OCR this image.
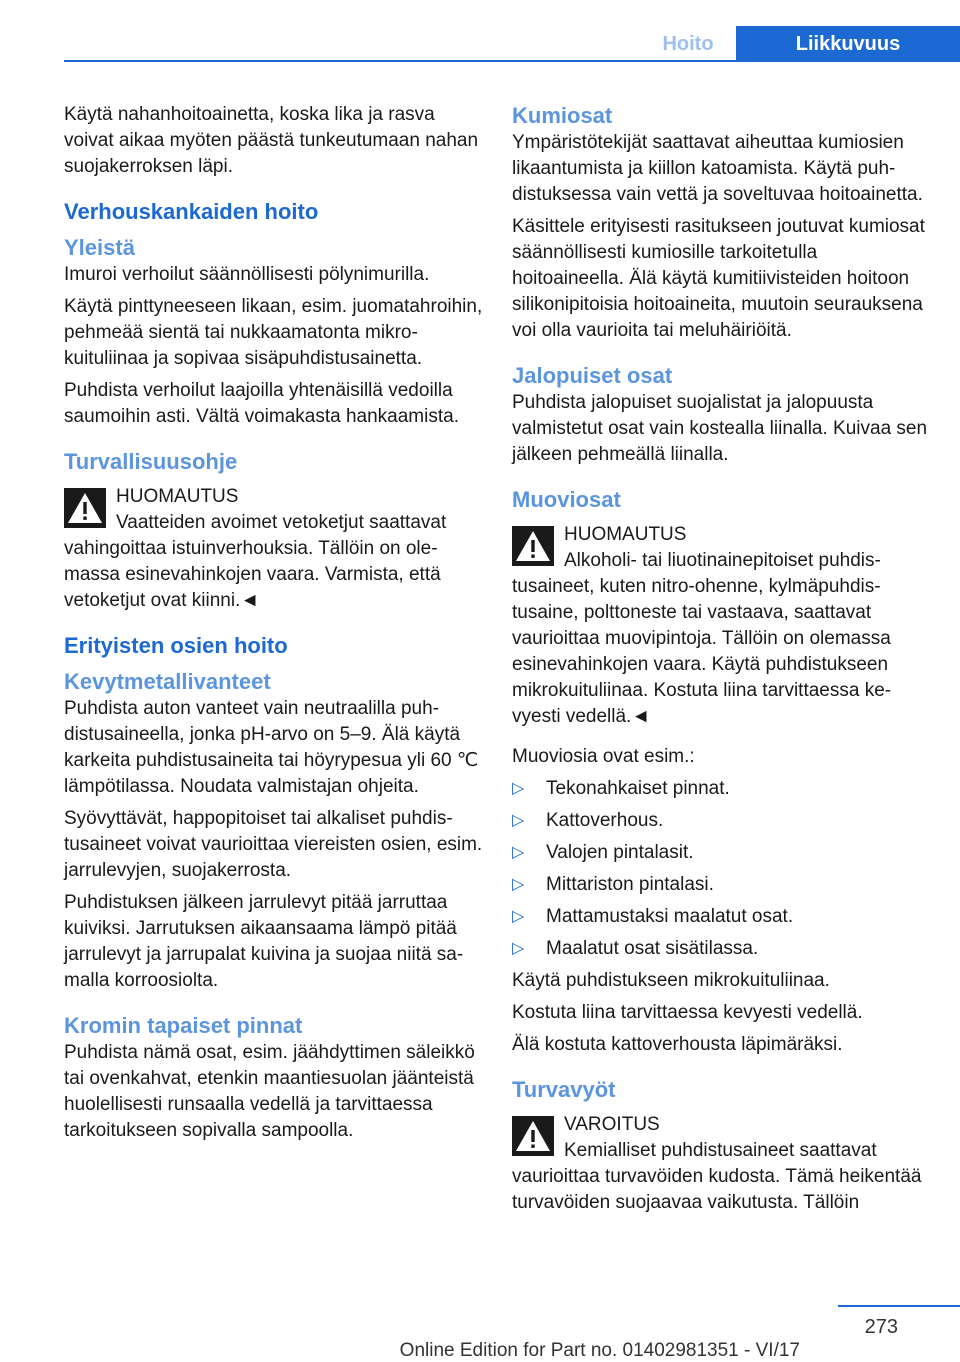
Hoito	Liikkuvuus

Käytä nahanhoitoainetta, koska lika ja rasva voivat aikaa myöten päästä tunkeutumaan nahan suojakerroksen läpi.

Verhouskankaiden hoito
Yleistä

Imuroi verhoilut säännöllisesti pölynimurilla.

Käytä pinttyneeseen likaan, esim. juomatahroihin, pehmeää sientä tai nukkaamatonta mikrokuituliinaa ja sopivaa sisäpuhdistusainetta.

Puhdista verhoilut laajoilla yhtenäisillä vedoilla saumoihin asti. Vältä voimakasta hankaamista.

Turvallisuusohje
HUOMAUTUS

Vaatteiden avoimet vetoketjut saattavat vahingoittaa istuinverhouksia. Tällöin on olemassa esinevahinkojen vaara. Varmista, että vetoketjut ovat kiinni.◄

Erityisten osien hoito
Kevytmetallivanteet

Puhdista auton vanteet vain neutraalilla puhdistusaineella, jonka pH-arvo on 5–9. Älä käytä karkeita puhdistusaineita tai höyrypesua yli 60 ℃ lämpötilassa. Noudata valmistajan ohjeita.

Syövyttävät, happopitoiset tai alkaliset puhdistusaineet voivat vaurioittaa viereisten osien, esim. jarrulevyjen, suojakerrosta.

Puhdistuksen jälkeen jarrulevyt pitää jarruttaa kuiviksi. Jarrutuksen aikaansaama lämpö pitää jarrulevyt ja jarrupalat kuivina ja suojaa niitä samalla korroosiolta.

Kromin tapaiset pinnat

Puhdista nämä osat, esim. jäähdyttimen säleikkö tai ovenkahvat, etenkin maantiesuolan jäänteistä huolellisesti runsaalla vedellä ja tarvittaessa tarkoitukseen sopivalla sampoolla.

Kumiosat

Ympäristötekijät saattavat aiheuttaa kumiosien likaantumista ja kiillon katoamista. Käytä puhdistuksessa vain vettä ja soveltuvaa hoitoainetta.

Käsittele erityisesti rasitukseen joutuvat kumiosat säännöllisesti kumiosille tarkoitetulla hoitoaineella. Älä käytä kumitiivisteiden hoitoon silikonipitoisia hoitoaineita, muutoin seurauksena voi olla vaurioita tai meluhäiriöitä.

Jalopuiset osat

Puhdista jalopuiset suojalistat ja jalopuusta valmistetut osat vain kostealla liinalla. Kuivaa sen jälkeen pehmeällä liinalla.

Muoviosat
HUOMAUTUS

Alkoholi- tai liuotinainepitoiset puhdistusaineet, kuten nitro-ohenne, kylmäpuhdistusaine, polttoneste tai vastaava, saattavat vaurioittaa muovipintoja. Tällöin on olemassa esinevahinkojen vaara. Käytä puhdistukseen mikrokuituliinaa. Kostuta liina tarvittaessa kevyesti vedellä.◄

Muoviosia ovat esim.:

▷ Tekonahkaiset pinnat.
▷ Kattoverhous.
▷ Valojen pintalasit.
▷ Mittariston pintalasi.
▷ Mattamustaksi maalatut osat.
▷ Maalatut osat sisätilassa.

Käytä puhdistukseen mikrokuituliinaa.

Kostuta liina tarvittaessa kevyesti vedellä.

Älä kostuta kattoverhousta läpimäräksi.

Turvavyöt
VAROITUS

Kemialliset puhdistusaineet saattavat vaurioittaa turvavöiden kudosta. Tämä heikentää turvavöiden suojaavaa vaikutusta. Tällöin

273
Online Edition for Part no. 01402981351 - VI/17
